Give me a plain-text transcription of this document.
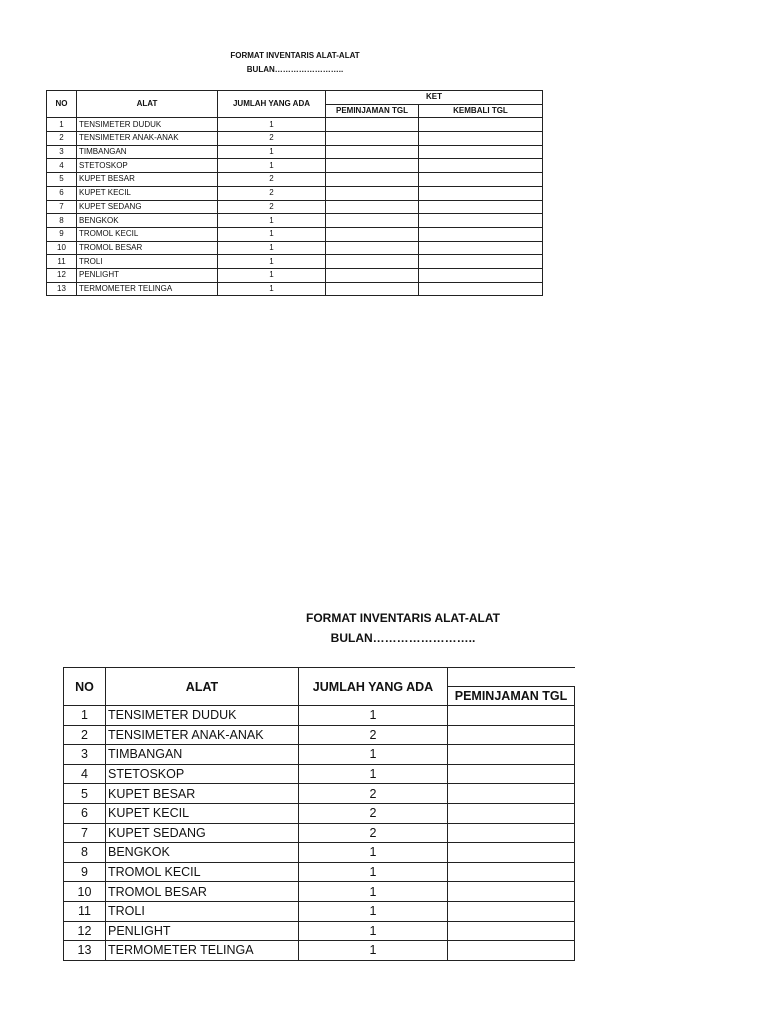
FORMAT INVENTARIS ALAT-ALAT
BULAN……………………..
NO	ALAT	JUMLAH YANG ADA	KET	
			PEMINJAMAN TGL	KEMBALI TGL
1	TENSIMETER DUDUK	1		
2	TENSIMETER ANAK-ANAK	2		
3	TIMBANGAN	1		
4	STETOSKOP	1		
5	KUPET BESAR	2		
6	KUPET KECIL	2		
7	KUPET SEDANG	2		
8	BENGKOK	1		
9	TROMOL KECIL	1		
10	TROMOL BESAR	1		
11	TROLI	1		
12	PENLIGHT	1		
13	TERMOMETER TELINGA	1		
FORMAT INVENTARIS ALAT-ALAT
BULAN……………………..
NO	ALAT	JUMLAH YANG ADA	
			PEMINJAMAN TGL
1	TENSIMETER DUDUK	1	
2	TENSIMETER ANAK-ANAK	2	
3	TIMBANGAN	1	
4	STETOSKOP	1	
5	KUPET BESAR	2	
6	KUPET KECIL	2	
7	KUPET SEDANG	2	
8	BENGKOK	1	
9	TROMOL KECIL	1	
10	TROMOL BESAR	1	
11	TROLI	1	
12	PENLIGHT	1	
13	TERMOMETER TELINGA	1	
